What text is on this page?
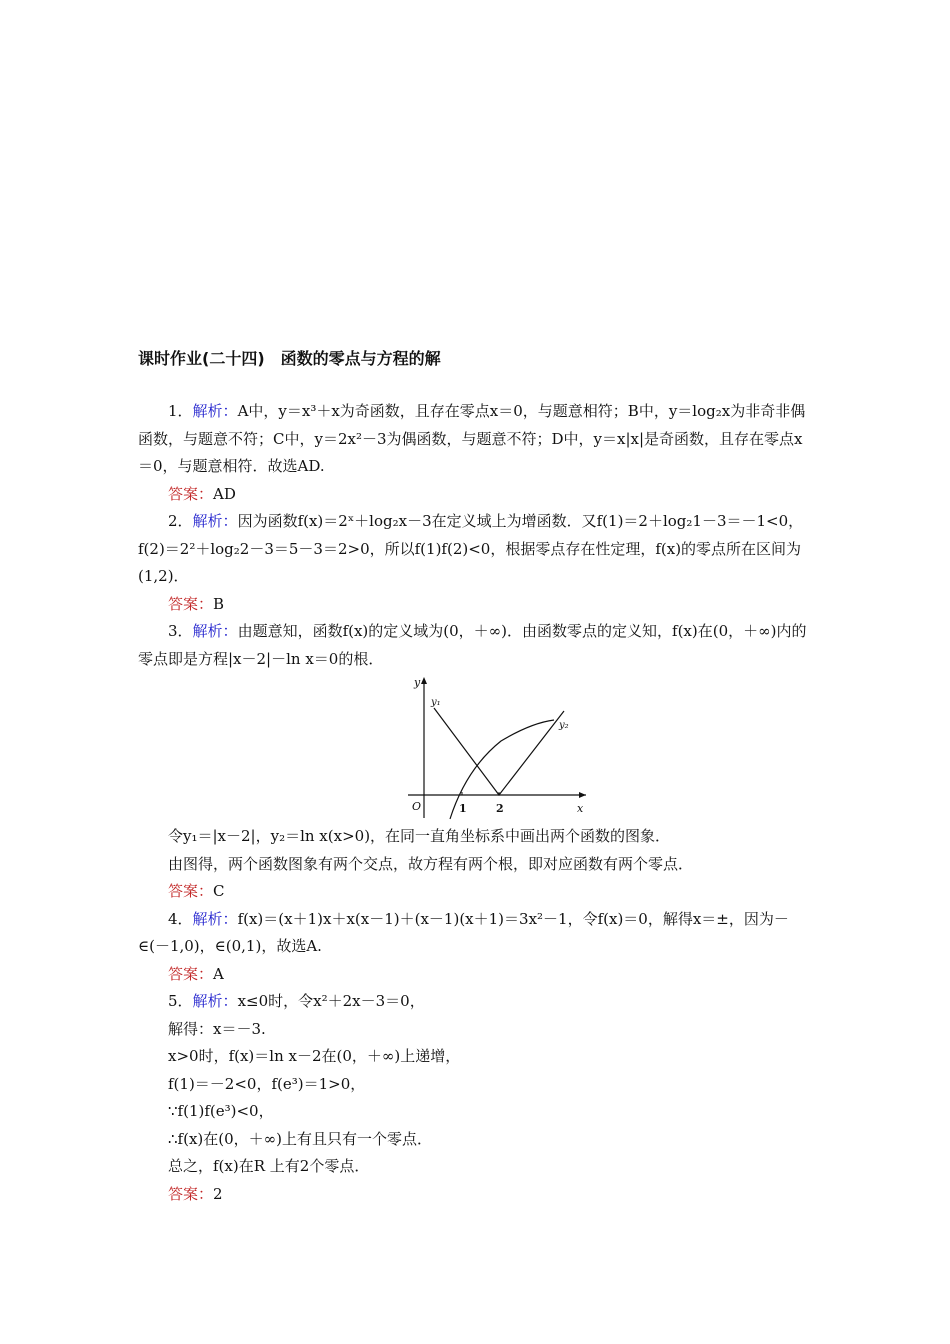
课时作业(二十四)　函数的零点与方程的解

1．解析：A中，y＝x³＋x为奇函数，且存在零点x＝0，与题意相符；B中，y＝log₂x为非奇非偶函数，与题意不符；C中，y＝2x²－3为偶函数，与题意不符；D中，y＝x|x|是奇函数，且存在零点x＝0，与题意相符．故选AD.

答案：AD

2．解析：因为函数f(x)＝2ˣ＋log₂x－3在定义域上为增函数．又f(1)＝2＋log₂1－3＝－1<0，f(2)＝2²＋log₂2－3＝5－3＝2>0，所以f(1)f(2)<0，根据零点存在性定理，f(x)的零点所在区间为(1,2)．

答案：B

3．解析：由题意知，函数f(x)的定义域为(0，＋∞)．由函数零点的定义知，f(x)在(0，＋∞)内的零点即是方程|x－2|－ln x＝0的根．

y
x
O	1	2
y₁
y₂

令y₁＝|x－2|，y₂＝ln x(x>0)，在同一直角坐标系中画出两个函数的图象．

由图得，两个函数图象有两个交点，故方程有两个根，即对应函数有两个零点．

答案：C

4．解析：f(x)＝(x＋1)x＋x(x－1)＋(x－1)(x＋1)＝3x²－1，令f(x)＝0，解得x＝±，因为－∈(－1,0)，∈(0,1)，故选A.

答案：A

5．解析：x≤0时，令x²＋2x－3＝0，

解得：x＝－3.

x>0时，f(x)＝ln x－2在(0，＋∞)上递增，

f(1)＝－2<0，f(e³)＝1>0，

∵f(1)f(e³)<0，

∴f(x)在(0，＋∞)上有且只有一个零点．

总之，f(x)在R 上有2个零点．

答案：2
